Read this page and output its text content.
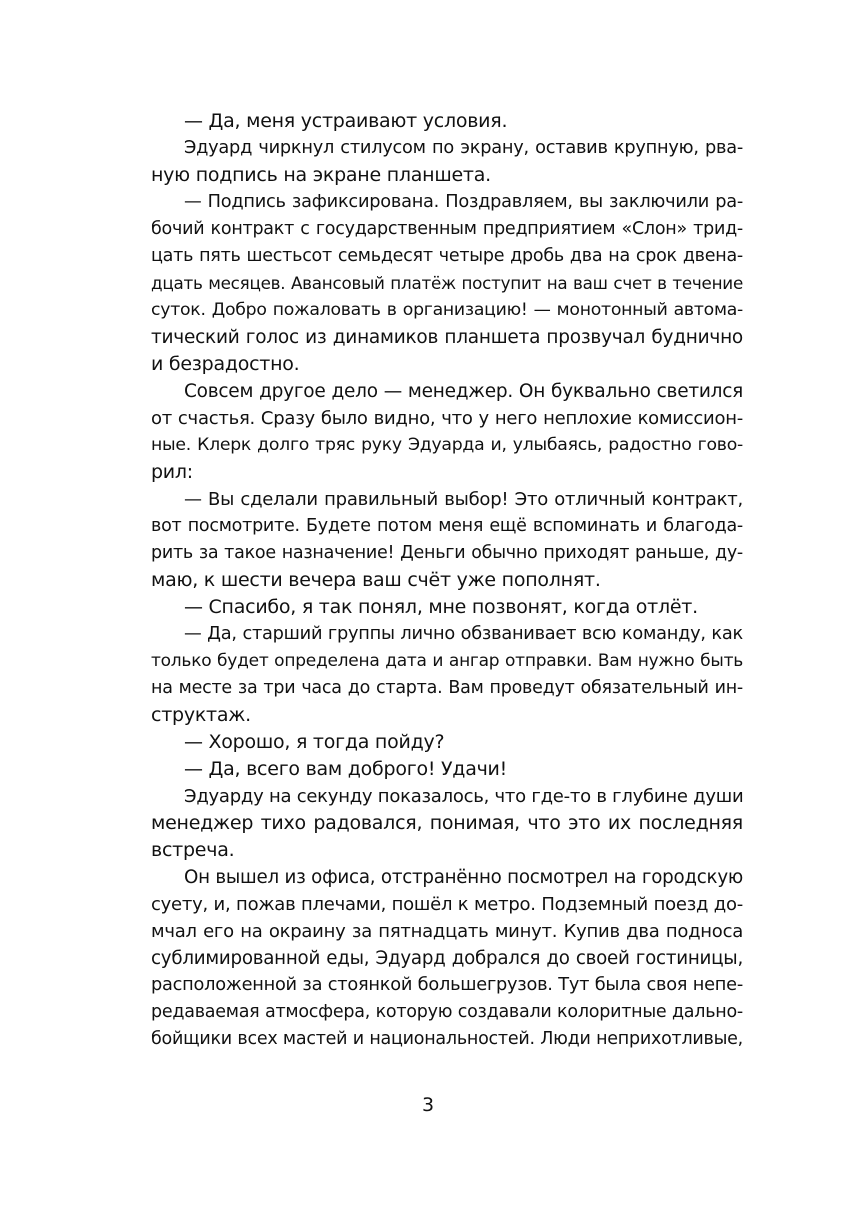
— Да, меня устраивают условия.
Эдуард чиркнул стилусом по экрану, оставив крупную, рва-
ную подпись на экране планшета.
— Подпись зафиксирована. Поздравляем, вы заключили ра-
бочий контракт с государственным предприятием «Слон» трид-
цать пять шестьсот семьдесят четыре дробь два на срок двена-
дцать месяцев. Авансовый платёж поступит на ваш счет в течение
суток. Добро пожаловать в организацию! — монотонный автома-
тический голос из динамиков планшета прозвучал буднично
и безрадостно.
Совсем другое дело — менеджер. Он буквально светился
от счастья. Сразу было видно, что у него неплохие комиссион-
ные. Клерк долго тряс руку Эдуарда и, улыбаясь, радостно гово-
рил:
— Вы сделали правильный выбор! Это отличный контракт,
вот посмотрите. Будете потом меня ещё вспоминать и благода-
рить за такое назначение! Деньги обычно приходят раньше, ду-
маю, к шести вечера ваш счёт уже пополнят.
— Спасибо, я так понял, мне позвонят, когда отлёт.
— Да, старший группы лично обзванивает всю команду, как
только будет определена дата и ангар отправки. Вам нужно быть
на месте за три часа до старта. Вам проведут обязательный ин-
структаж.
— Хорошо, я тогда пойду?
— Да, всего вам доброго! Удачи!
Эдуарду на секунду показалось, что где-то в глубине души
менеджер тихо радовался, понимая, что это их последняя
встреча.
Он вышел из офиса, отстранённо посмотрел на городскую
суету, и, пожав плечами, пошёл к метро. Подземный поезд до-
мчал его на окраину за пятнадцать минут. Купив два подноса
сублимированной еды, Эдуард добрался до своей гостиницы,
расположенной за стоянкой большегрузов. Тут была своя непе-
редаваемая атмосфера, которую создавали колоритные дально-
бойщики всех мастей и национальностей. Люди неприхотливые,
3
